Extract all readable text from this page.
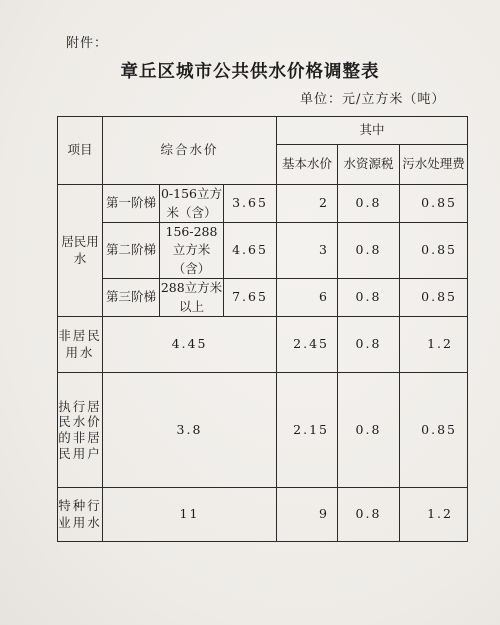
附件：
章丘区城市公共供水价格调整表
单位：元/立方米（吨）
项目	综合水价			其中		
				基本水价	水资源税	污水处理费
居民用水	第一阶梯	0-156立方米（含）	3.65	2	0.8	0.85
	第二阶梯	156-288立方米（含）	4.65	3	0.8	0.85
	第三阶梯	288立方米以上	7.65	6	0.8	0.85
非居民用水	4.45			2.45	0.8	1.2
执行居民水价的非居民用户	3.8			2.15	0.8	0.85
特种行业用水	11			9	0.8	1.2
